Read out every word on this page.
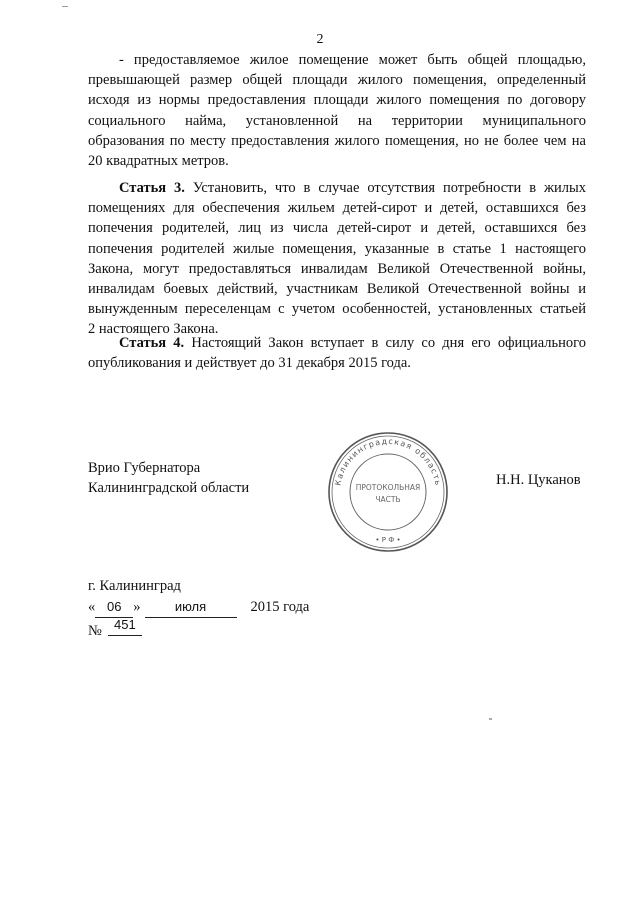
2

- предоставляемое жилое помещение может быть общей площадью,
превышающей размер общей площади жилого помещения, определенный
исходя из нормы предоставления площади жилого помещения по договору
социального найма, установленной на территории муниципального
образования по месту предоставления жилого помещения, но не более чем на
20 квадратных метров.

Статья 3. Установить, что в случае отсутствия потребности в жилых
помещениях для обеспечения жильем детей-сирот и детей, оставшихся без
попечения родителей, лиц из числа детей-сирот и детей, оставшихся без
попечения родителей жилые помещения, указанные в статье 1 настоящего
Закона, могут предоставляться инвалидам Великой Отечественной войны,
инвалидам боевых действий, участникам Великой Отечественной войны и
вынужденным переселенцам с учетом особенностей, установленных статьей
2 настоящего Закона.

Статья 4. Настоящий Закон вступает в силу со дня его официального
опубликования и действует до 31 декабря 2015 года.

Врио Губернатора
Калининградской области	Калининградская область
ПРОТОКОЛЬНАЯ
ЧАСТЬ
• Р Ф •
Н.Н. Цуканов
г. Калининград
« 06 »	июля	2015 года
№ 451
